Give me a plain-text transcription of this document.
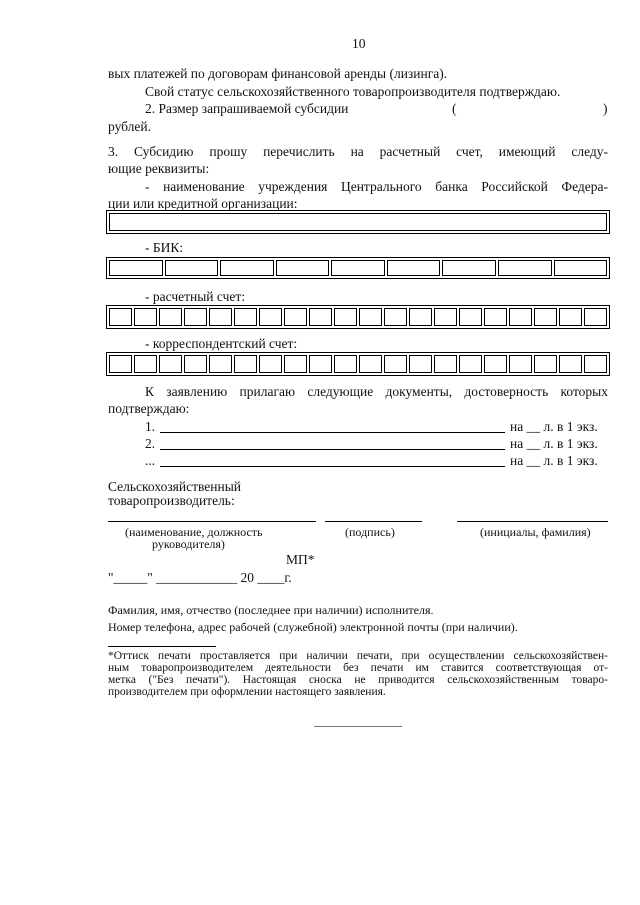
10
вых платежей по договорам финансовой аренды (лизинга).
Свой статус сельскохозяйственного товаропроизводителя подтверждаю.
2. Размер запрашиваемой субсидии	(	)
рублей.
3. Субсидию прошу перечислить на расчетный счет, имеющий следу-
ющие реквизиты:
- наименование учреждения Центрального банка Российской Федера-
ции или кредитной организации:
- БИК:
- расчетный счет:
- корреспондентский счет:
К заявлению прилагаю следующие документы, достоверность которых
подтверждаю:
1.	на __ л. в 1 экз.
2.	на __ л. в 1 экз.
...	на __ л. в 1 экз.
Сельскохозяйственный
товаропроизводитель:
(наименование, должность
руководителя)
(подпись)	(инициалы, фамилия)
МП*
"_____" ____________ 20 ____г.
Фамилия, имя, отчество (последнее при наличии) исполнителя.
Номер телефона, адрес рабочей (служебной) электронной почты (при наличии).
*Оттиск печати проставляется при наличии печати, при осуществлении сельскохозяйствен-
ным товаропроизводителем деятельности без печати им ставится соответствующая от-
метка ("Без печати"). Настоящая сноска не приводится сельскохозяйственным товаро-
производителем при оформлении настоящего заявления.
